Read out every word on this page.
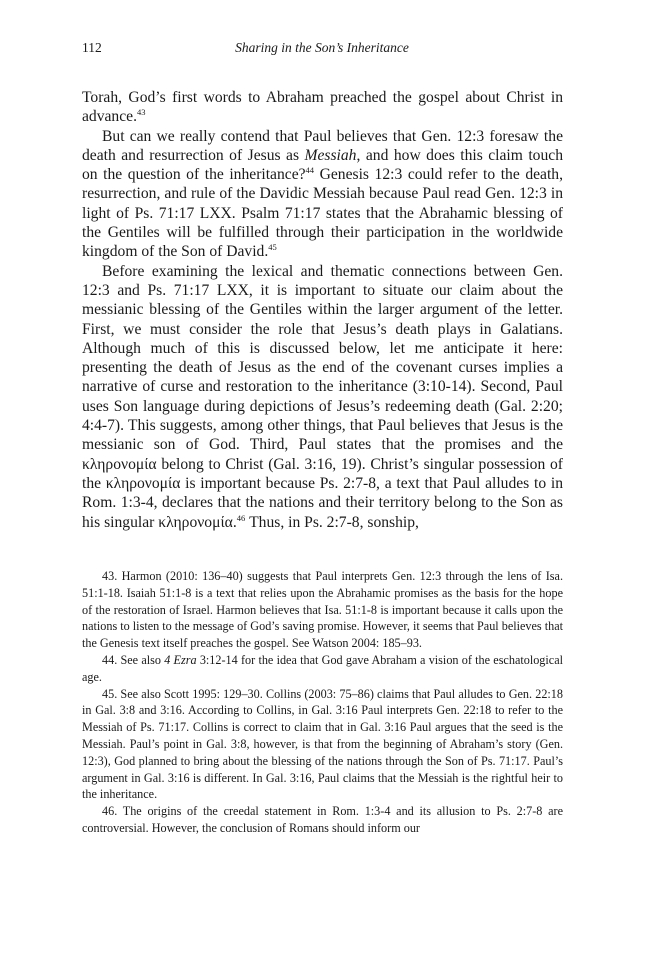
112	Sharing in the Son’s Inheritance

Torah, God’s first words to Abraham preached the gospel about Christ in advance.$^{43}$

But can we really contend that Paul believes that Gen. 12:3 foresaw the death and resurrection of Jesus as Messiah, and how does this claim touch on the question of the inheritance?$^{44}$ Genesis 12:3 could refer to the death, resurrection, and rule of the Davidic Messiah because Paul read Gen. 12:3 in light of Ps. 71:17 LXX. Psalm 71:17 states that the Abrahamic blessing of the Gentiles will be fulfilled through their participation in the worldwide kingdom of the Son of David.$^{45}$

Before examining the lexical and thematic connections between Gen. 12:3 and Ps. 71:17 LXX, it is important to situate our claim about the messianic blessing of the Gentiles within the larger argument of the letter. First, we must consider the role that Jesus’s death plays in Galatians. Although much of this is discussed below, let me anticipate it here: presenting the death of Jesus as the end of the covenant curses implies a narrative of curse and restoration to the inheritance (3:10-14). Second, Paul uses Son language during depictions of Jesus’s redeeming death (Gal. 2:20; 4:4-7). This suggests, among other things, that Paul believes that Jesus is the messianic son of God. Third, Paul states that the promises and the κληρονομία belong to Christ (Gal. 3:16, 19). Christ’s singular possession of the κληρονομία is important because Ps. 2:7-8, a text that Paul alludes to in Rom. 1:3-4, declares that the nations and their territory belong to the Son as his singular κληρονομία.$^{46}$ Thus, in Ps. 2:7-8, sonship,

43. Harmon (2010: 136–40) suggests that Paul interprets Gen. 12:3 through the lens of Isa. 51:1-18. Isaiah 51:1-8 is a text that relies upon the Abrahamic promises as the basis for the hope of the restoration of Israel. Harmon believes that Isa. 51:1-8 is important because it calls upon the nations to listen to the message of God’s saving promise. However, it seems that Paul believes that the Genesis text itself preaches the gospel. See Watson 2004: 185–93.

44. See also 4 Ezra 3:12-14 for the idea that God gave Abraham a vision of the eschatological age.

45. See also Scott 1995: 129–30. Collins (2003: 75–86) claims that Paul alludes to Gen. 22:18 in Gal. 3:8 and 3:16. According to Collins, in Gal. 3:16 Paul interprets Gen. 22:18 to refer to the Messiah of Ps. 71:17. Collins is correct to claim that in Gal. 3:16 Paul argues that the seed is the Messiah. Paul’s point in Gal. 3:8, however, is that from the beginning of Abraham’s story (Gen. 12:3), God planned to bring about the blessing of the nations through the Son of Ps. 71:17. Paul’s argument in Gal. 3:16 is different. In Gal. 3:16, Paul claims that the Messiah is the rightful heir to the inheritance.

46. The origins of the creedal statement in Rom. 1:3-4 and its allusion to Ps. 2:7-8 are controversial. However, the conclusion of Romans should inform our
